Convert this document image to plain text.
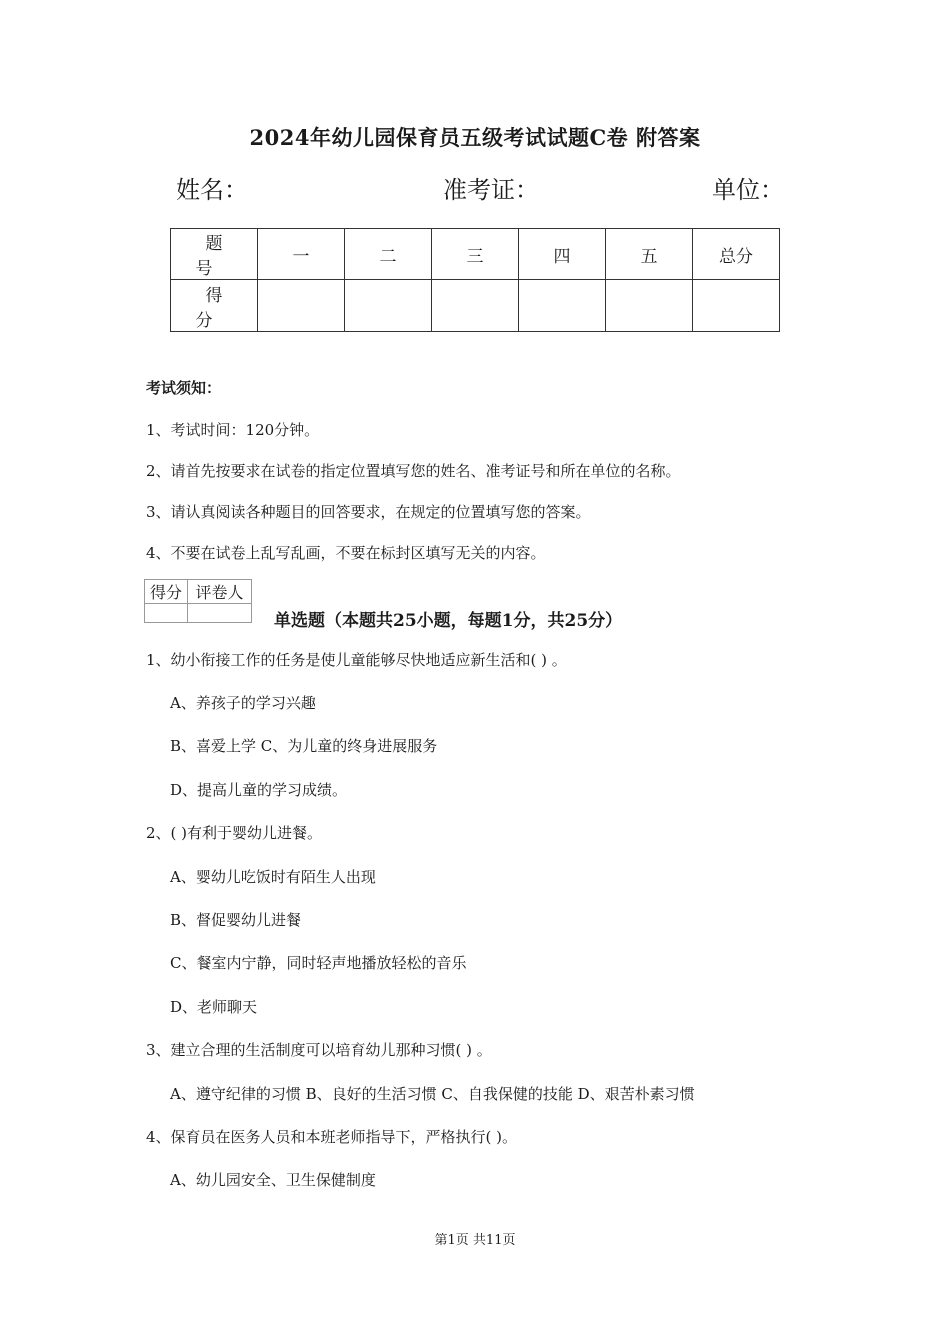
2024年幼儿园保育员五级考试试题C卷 附答案
姓名：	准考证：	单位：
题号	一	二	三	四	五	总分
得分						
考试须知：
1、考试时间：120分钟。
2、请首先按要求在试卷的指定位置填写您的姓名、准考证号和所在单位的名称。
3、请认真阅读各种题目的回答要求，在规定的位置填写您的答案。
4、不要在试卷上乱写乱画，不要在标封区填写无关的内容。
得分	评卷人

单选题（本题共25小题，每题1分，共25分）
1、幼小衔接工作的任务是使儿童能够尽快地适应新生活和( ) 。
A、养孩子的学习兴趣
B、喜爱上学 C、为儿童的终身进展服务
D、提高儿童的学习成绩。
2、( )有利于婴幼儿进餐。
A、婴幼儿吃饭时有陌生人出现
B、督促婴幼儿进餐
C、餐室内宁静，同时轻声地播放轻松的音乐
D、老师聊天
3、建立合理的生活制度可以培育幼儿那种习惯( ) 。
A、遵守纪律的习惯 B、良好的生活习惯 C、自我保健的技能 D、艰苦朴素习惯
4、保育员在医务人员和本班老师指导下，严格执行( )。
A、幼儿园安全、卫生保健制度
第1页 共11页
